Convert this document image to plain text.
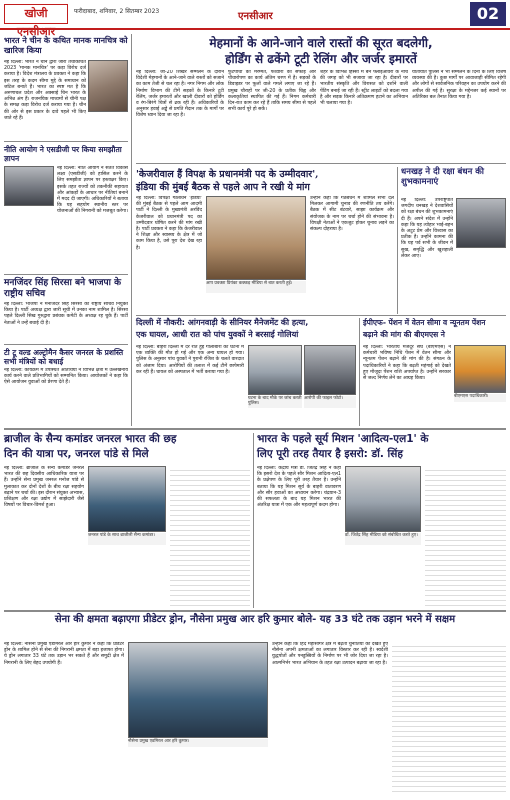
खोजी एनसीआर
फरीदाबाद, शनिवार, 2 सितम्बर 2023	एनसीआर	02
भारत ने चीन के कथित मानक मानचित्र को खारिज किया
नई दिल्ली: भारत ने चीन द्वारा जारी तथाकथित 2023 'मानक मानचित्र' पर कड़ा विरोध दर्ज कराया है। विदेश मंत्रालय के प्रवक्ता ने कहा कि इस तरह के कदम सीमा मुद्दे के समाधान को जटिल बनाते हैं। भारत का स्पष्ट मत है कि अरुणाचल प्रदेश और अक्साई चिन भारत के अभिन्न अंग हैं। राजनयिक माध्यमों से चीनी पक्ष के समक्ष कड़ा विरोध दर्ज कराया गया है। चीन की ओर से इस प्रकार के दावे पहले भी किए जाते रहे हैं।
नीति आयोग ने एसडीजी पर किया समझौता ज्ञापन
नई दिल्ली: नीति आयोग ने सतत विकास लक्ष्य (एसडीजी) को हासिल करने के लिए समझौता ज्ञापन पर हस्ताक्षर किए। इसके तहत राज्यों को तकनीकी सहायता और आंकड़ों के आधार पर नीतियां बनाने में मदद दी जाएगी। अधिकारियों ने बताया कि यह सहयोग स्थानीय स्तर पर योजनाओं की निगरानी को मजबूत करेगा।
मनजिंदर सिंह सिरसा बने भाजपा के राष्ट्रीय सचिव
नई दिल्ली: भाजपा ने मनजिंदर सिंह सिरसा को राष्ट्रीय सचिव नियुक्त किया है। पार्टी अध्यक्ष द्वारा जारी सूची में उनका नाम शामिल है। सिरसा पहले दिल्ली सिख गुरुद्वारा प्रबंधक कमेटी के अध्यक्ष रह चुके हैं। पार्टी नेताओं ने उन्हें बधाई दी है।
टी टू वल्ड अल्ट्रोमैन कैसर जनरल के प्रशस्ति सभी मंत्रियों को बधाई
नई दिल्ली: कार्यक्रम में उपस्थित अतिथियों ने विभिन्न क्षेत्रों में उल्लेखनीय कार्य करने वाले प्रतिभागियों को सम्मानित किया। आयोजकों ने कहा कि ऐसे आयोजन युवाओं को प्रेरणा देते हैं।
मेहमानों के आने-जाने वाले रास्तों की सूरत बदलेगी,
होर्डिंग से ढकेंगे टूटी रेलिंग और जर्जर इमारतें
नई दिल्ली: जी-20 शिखर सम्मेलन के दौरान विदेशी मेहमानों के आने-जाने वाले रास्तों को सजाने का काम तेजी से चल रहा है। नगर निगम और लोक निर्माण विभाग की टीमें सड़कों के किनारे टूटी रेलिंग, जर्जर इमारतों और खाली दीवारों को होर्डिंग व रंग-बिरंगे चित्रों से ढक रही हैं। अधिकारियों के अनुसार हवाई अड्डे से प्रगति मैदान तक के मार्गों पर विशेष ध्यान दिया जा रहा है।
फुटपाथों की मरम्मत, फव्वारों की सफाई और पौधारोपण का कार्य अंतिम चरण में है। सड़कों के डिवाइडर पर फूलों वाले गमले लगाए जा रहे हैं। प्रमुख चौराहों पर जी-20 के प्रतीक चिह्न और कलाकृतियां स्थापित की गई हैं। निगम कर्मचारी दिन-रात काम कर रहे हैं ताकि समय सीमा से पहले सभी कार्य पूरे हो सकें।
शहर के विभिन्न हिस्सों में बने फ्लाईओवरों के नीचे की जगह को भी सजाया जा रहा है। दीवारों पर भारतीय संस्कृति और विरासत को दर्शाने वाली पेंटिंग बनाई जा रही हैं। स्ट्रीट लाइटों को बदला गया है और सड़क किनारे अतिक्रमण हटाने का अभियान भी चलाया गया है।
यातायात पुलिस ने भी सम्मेलन के दिनों के लिए विशेष व्यवस्था की है। कुछ मार्गों पर आवाजाही सीमित रहेगी और लोगों से सार्वजनिक परिवहन का उपयोग करने की अपील की गई है। सुरक्षा के मद्देनजर कई स्थानों पर अतिरिक्त बल तैनात किया गया है।
'केजरीवाल हैं विपक्ष के प्रधानमंत्री पद के उम्मीदवार',
इंडिया की मुंबई बैठक से पहले आप ने रखी ये मांग
नई दिल्ली: विपक्षी गठबंधन 'इंडिया' की मुंबई बैठक से पहले आम आदमी पार्टी ने दिल्ली के मुख्यमंत्री अरविंद केजरीवाल को प्रधानमंत्री पद का उम्मीदवार घोषित करने की मांग रखी है। पार्टी प्रवक्ता ने कहा कि केजरीवाल ने शिक्षा और स्वास्थ्य के क्षेत्र में जो काम किया है, उसे पूरा देश देख रहा है।
आप प्रवक्ता प्रियंका कक्कड़ मीडिया से बात करती हुईं।
उन्होंने कहा कि गठबंधन में शामिल सभी दल मिलकर आगामी चुनाव की रणनीति तय करेंगे। बैठक में सीट बंटवारे, साझा कार्यक्रम और संयोजक के नाम पर चर्चा होने की संभावना है। विपक्षी नेताओं ने एकजुट होकर चुनाव लड़ने का संकल्प दोहराया है।
धनखड़ ने दी रक्षा बंधन की शुभकामनाएं
नई दिल्ली: उपराष्ट्रपति जगदीप धनखड़ ने देशवासियों को रक्षा बंधन की शुभकामनाएं दी हैं। अपने संदेश में उन्होंने कहा कि यह त्योहार भाई-बहन के अटूट प्रेम और विश्वास का प्रतीक है। उन्होंने कामना की कि यह पर्व सभी के जीवन में सुख, समृद्धि और खुशहाली लेकर आए।
दिल्ली में नौकरी: आंगनवाड़ी के सीनियर मैनेजमेंट की हत्या,
एक घायल, आधी रात को पांच युवकों ने बरसाई गोलियां
नई दिल्ली: बाहरी दिल्ली में देर रात हुई गोलीबारी की घटना में एक व्यक्ति की मौत हो गई और एक अन्य घायल हो गया। पुलिस के अनुसार पांच युवकों ने पुरानी रंजिश के चलते वारदात को अंजाम दिया। आरोपियों की तलाश में कई टीमें छापेमारी कर रही हैं। घायल को अस्पताल में भर्ती कराया गया है।
घटना के बाद मौके पर जांच करती पुलिस।
आरोपी की फाइल फोटो।
ईपीएफ- पेंशन में वेतन सीमा व न्यूनतम पेंशन
बढ़ाने की मांग की बीएमएस ने
नई दिल्ली: भारतीय मजदूर संघ (बीएमएस) ने कर्मचारी भविष्य निधि पेंशन में वेतन सीमा और न्यूनतम पेंशन बढ़ाने की मांग की है। संगठन के पदाधिकारियों ने कहा कि बढ़ती महंगाई को देखते हुए मौजूदा पेंशन राशि अपर्याप्त है। उन्होंने सरकार से जल्द निर्णय लेने का आग्रह किया।
बीएमएस पदाधिकारी।
ब्राजील के सैन्य कमांडर जनरल भारत की छह
दिन की यात्रा पर, जनरल पांडे से मिले
नई दिल्ली: ब्राजील के सैन्य कमांडर जनरल भारत की छह दिवसीय आधिकारिक यात्रा पर हैं। उन्होंने सेना प्रमुख जनरल मनोज पांडे से मुलाकात कर दोनों देशों के बीच रक्षा सहयोग बढ़ाने पर चर्चा की। इस दौरान संयुक्त अभ्यास, प्रशिक्षण और रक्षा उद्योग में साझेदारी जैसे विषयों पर विचार-विमर्श हुआ।
जनरल पांडे के साथ ब्राजीली सैन्य कमांडर।
भारत के पहले सूर्य मिशन 'आदित्य-एल1' के
लिए पूरी तरह तैयार है इसरो: डॉ. सिंह
नई दिल्ली: केंद्रीय मंत्री डॉ. जितेंद्र सिंह ने कहा कि इसरो देश के पहले सौर मिशन आदित्य-एल1 के प्रक्षेपण के लिए पूरी तरह तैयार है। उन्होंने बताया कि यह मिशन सूर्य के बाहरी वातावरण और सौर हवाओं का अध्ययन करेगा। चंद्रयान-3 की सफलता के बाद यह मिशन भारत की अंतरिक्ष यात्रा में एक और महत्वपूर्ण कदम होगा।
डॉ. जितेंद्र सिंह मीडिया को संबोधित करते हुए।
सेना की क्षमता बढ़ाएगा प्रीडेटर ड्रोन, नौसेना प्रमुख आर हरि कुमार बोले- यह 33 घंटे तक उड़ान भरने में सक्षम
नई दिल्ली: नौसेना प्रमुख एडमिरल आर हरि कुमार ने कहा कि प्रीडेटर ड्रोन के शामिल होने से सेना की निगरानी क्षमता में बड़ा इजाफा होगा। ये ड्रोन लगातार 33 घंटे तक उड़ान भर सकते हैं और समुद्री क्षेत्र में निगरानी के लिए बेहद उपयोगी हैं।
नौसेना प्रमुख एडमिरल आर हरि कुमार।
उन्होंने कहा कि हिंद महासागर क्षेत्र में बढ़ती चुनौतियों को देखते हुए नौसेना अपनी क्षमताओं का लगातार विस्तार कर रही है। स्वदेशी युद्धपोतों और पनडुब्बियों के निर्माण पर भी जोर दिया जा रहा है। आत्मनिर्भर भारत अभियान के तहत रक्षा उत्पादन बढ़ाया जा रहा है।
